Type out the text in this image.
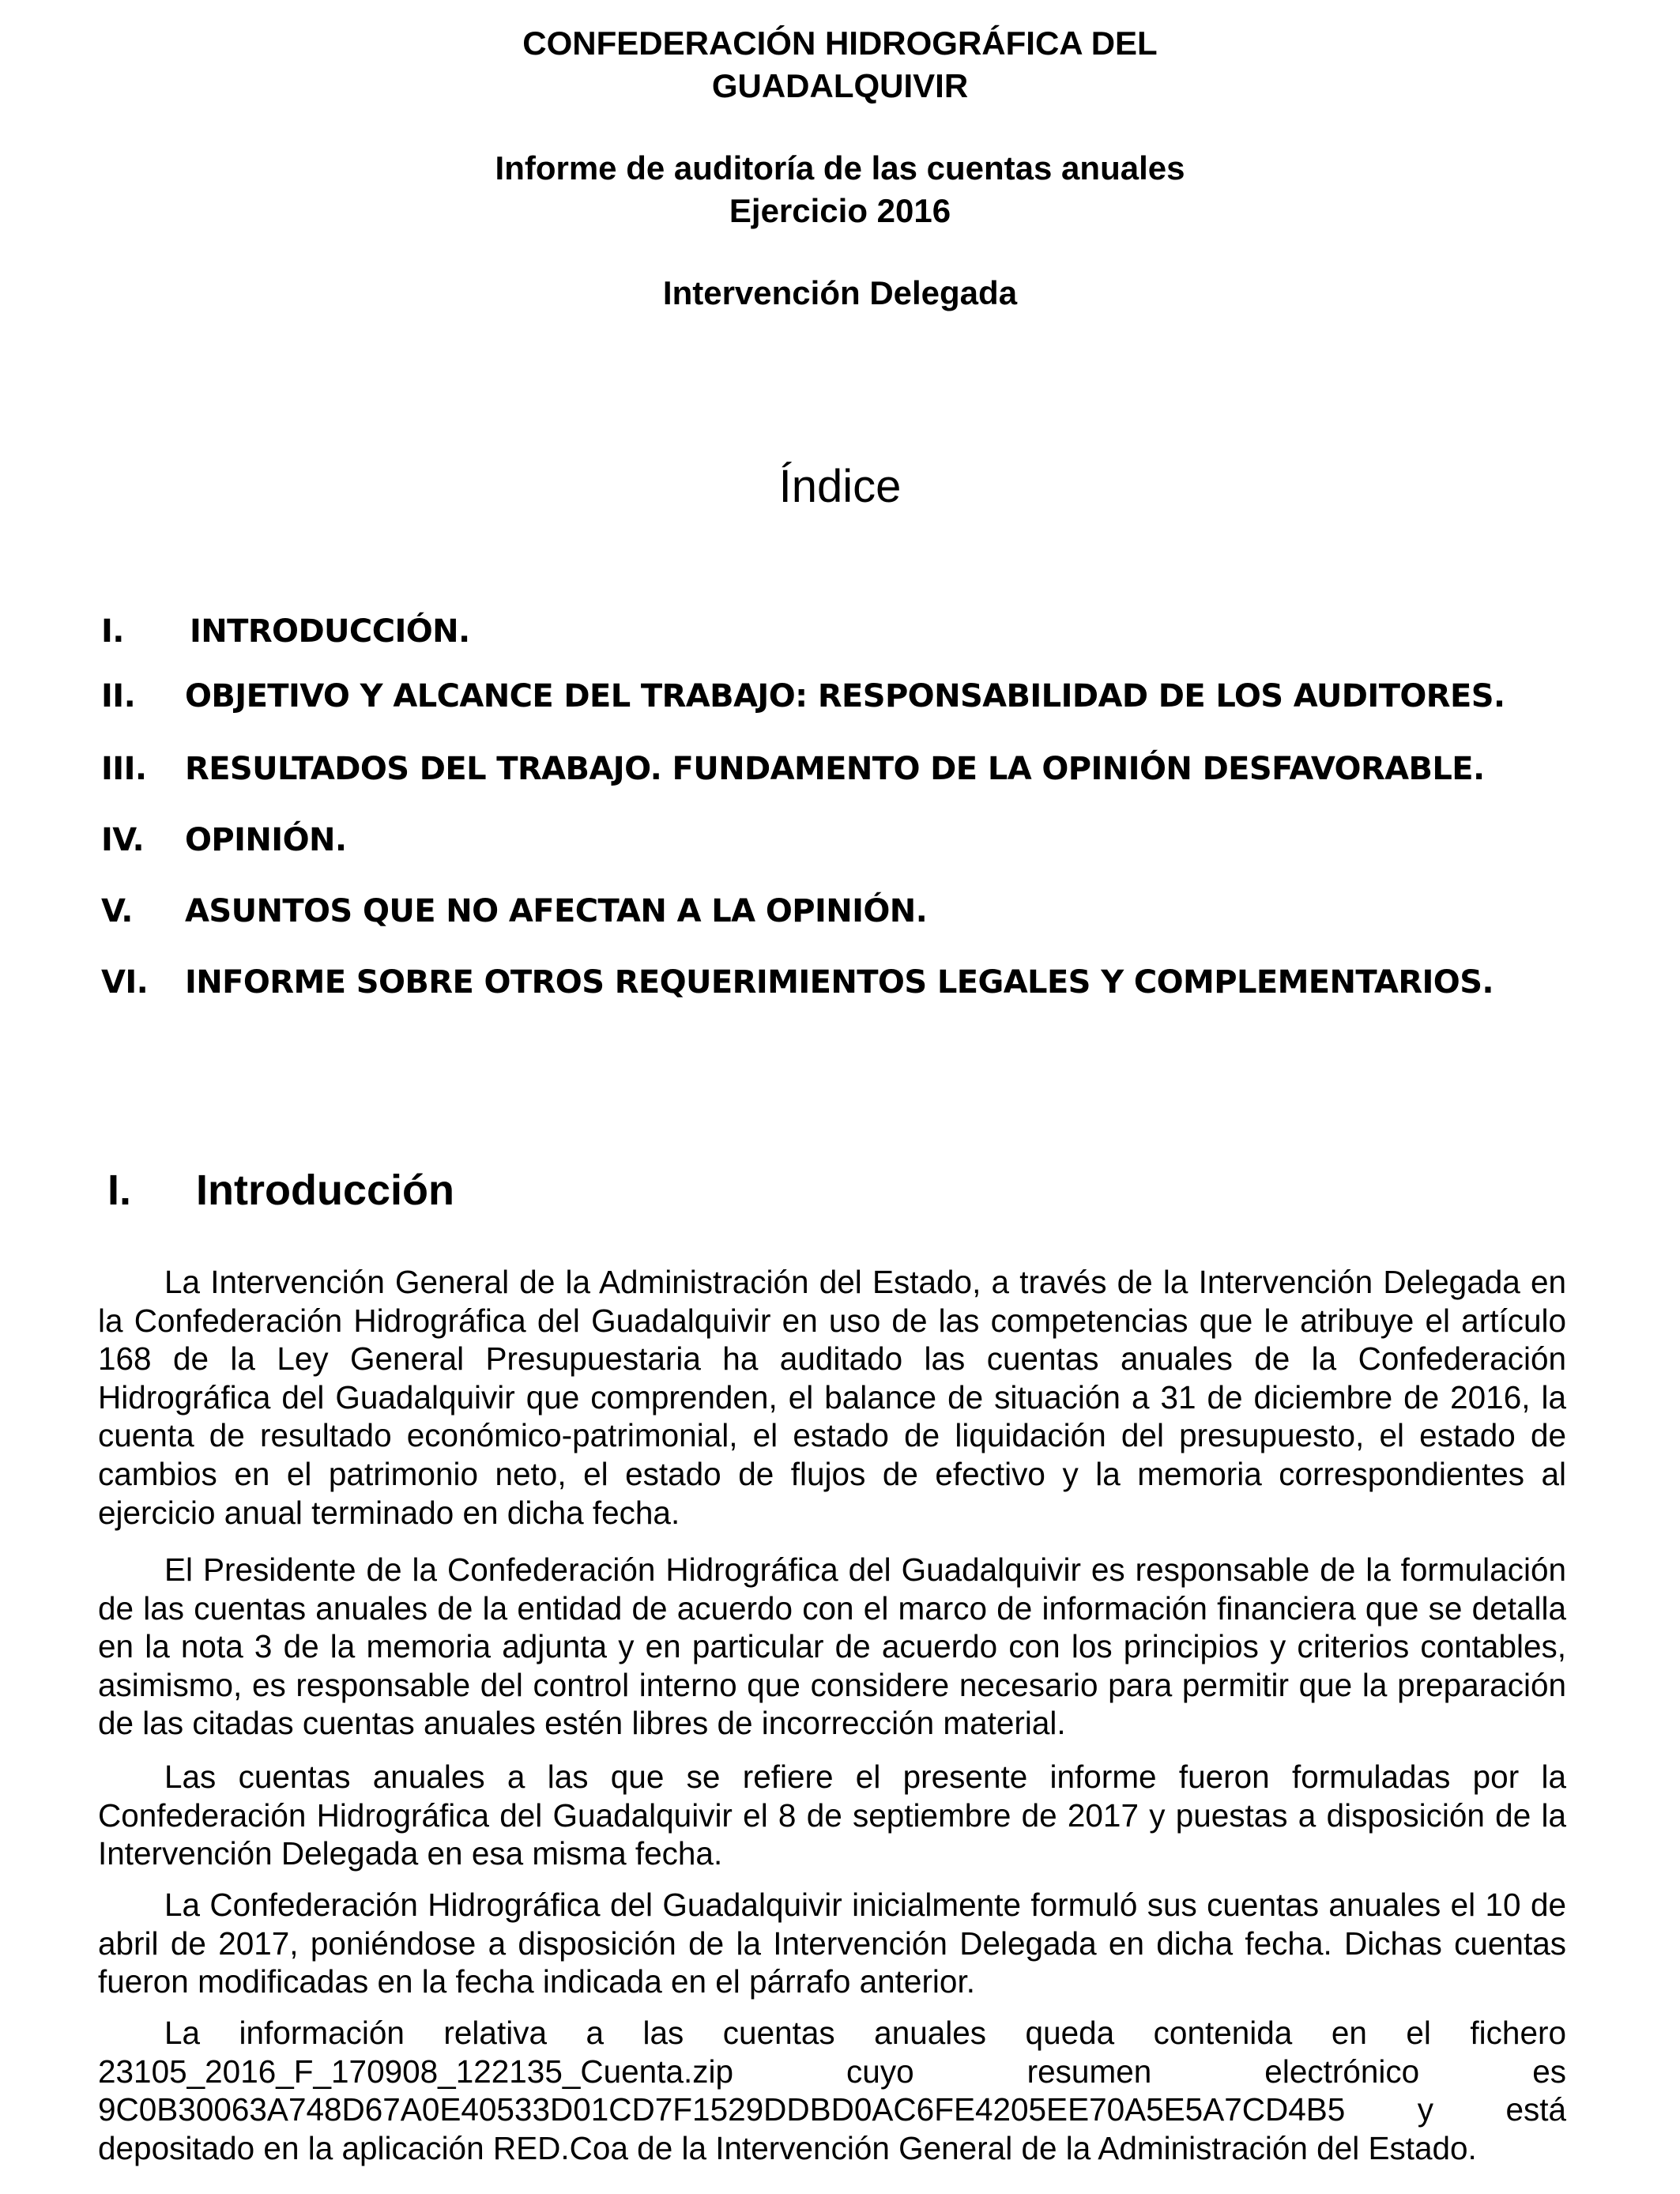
CONFEDERACIÓN HIDROGRÁFICA DEL
GUADALQUIVIR
Informe de auditoría de las cuentas anuales
Ejercicio 2016
Intervención Delegada
Índice
I. INTRODUCCIÓN.
II. OBJETIVO Y ALCANCE DEL TRABAJO: RESPONSABILIDAD DE LOS AUDITORES.
III. RESULTADOS DEL TRABAJO. FUNDAMENTO DE LA OPINIÓN DESFAVORABLE.
IV. OPINIÓN.
V. ASUNTOS QUE NO AFECTAN A LA OPINIÓN.
VI. INFORME SOBRE OTROS REQUERIMIENTOS LEGALES Y COMPLEMENTARIOS.
I. Introducción

La Intervención General de la Administración del Estado, a través de la Intervención Delegada en la Confederación Hidrográfica del Guadalquivir en uso de las competencias que le atribuye el artículo 168 de la Ley General Presupuestaria ha auditado las cuentas anuales de la Confederación Hidrográfica del Guadalquivir que comprenden, el balance de situación a 31 de diciembre de 2016, la cuenta de resultado económico-patrimonial, el estado de liquidación del presupuesto, el estado de cambios en el patrimonio neto, el estado de flujos de efectivo y la memoria correspondientes al ejercicio anual terminado en dicha fecha.

El Presidente de la Confederación Hidrográfica del Guadalquivir es responsable de la formulación de las cuentas anuales de la entidad de acuerdo con el marco de información financiera que se detalla en la nota 3 de la memoria adjunta y en particular de acuerdo con los principios y criterios contables, asimismo, es responsable del control interno que considere necesario para permitir que la preparación de las citadas cuentas anuales estén libres de incorrección material.

Las cuentas anuales a las que se refiere el presente informe fueron formuladas por la Confederación Hidrográfica del Guadalquivir el 8 de septiembre de 2017 y puestas a disposición de la Intervención Delegada en esa misma fecha.

La Confederación Hidrográfica del Guadalquivir inicialmente formuló sus cuentas anuales el 10 de abril de 2017, poniéndose a disposición de la Intervención Delegada en dicha fecha. Dichas cuentas fueron modificadas en la fecha indicada en el párrafo anterior.

La información relativa a las cuentas anuales queda contenida en el fichero 23105_2016_F_170908_122135_Cuenta.zip cuyo resumen electrónico es 9C0B30063A748D67A0E40533D01CD7F1529DDBD0AC6FE4205EE70A5E5A7CD4B5 y está depositado en la aplicación RED.Coa de la Intervención General de la Administración del Estado.
